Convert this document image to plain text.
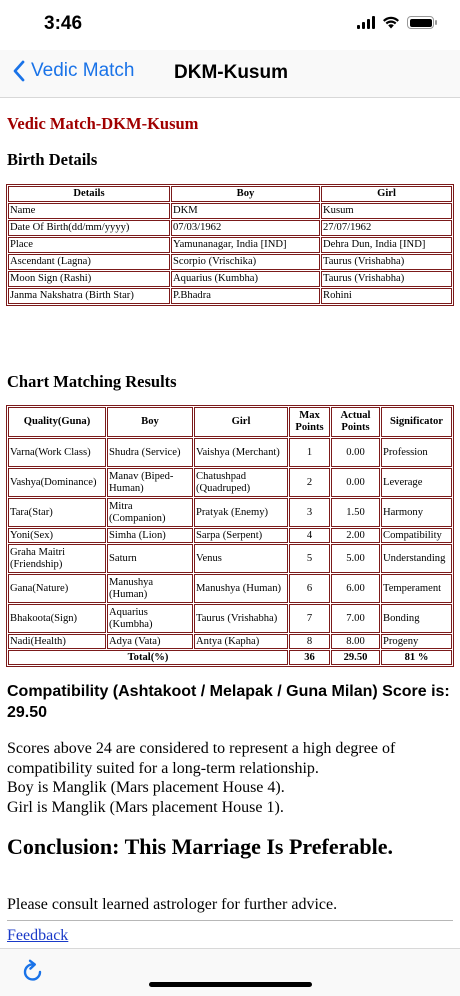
3:46
Vedic Match DKM-Kusum
Vedic Match-DKM-Kusum
Birth Details
Details	Boy	Girl
Name	DKM	Kusum
Date Of Birth(dd/mm/yyyy)	07/03/1962	27/07/1962
Place	Yamunanagar, India [IND]	Dehra Dun, India [IND]
Ascendant (Lagna)	Scorpio (Vrischika)	Taurus (Vrishabha)
Moon Sign (Rashi)	Aquarius (Kumbha)	Taurus (Vrishabha)
Janma Nakshatra (Birth Star)	P.Bhadra	Rohini
Chart Matching Results
Quality(Guna)	Boy	Girl	Max Points	Actual Points	Significator
Varna(Work Class)	Shudra (Service)	Vaishya (Merchant)	1	0.00	Profession
Vashya(Dominance)	Manav (Biped-Human)	Chatushpad (Quadruped)	2	0.00	Leverage
Tara(Star)	Mitra (Companion)	Pratyak (Enemy)	3	1.50	Harmony
Yoni(Sex)	Simha (Lion)	Sarpa (Serpent)	4	2.00	Compatibility
Graha Maitri (Friendship)	Saturn	Venus	5	5.00	Understanding
Gana(Nature)	Manushya (Human)	Manushya (Human)	6	6.00	Temperament
Bhakoota(Sign)	Aquarius (Kumbha)	Taurus (Vrishabha)	7	7.00	Bonding
Nadi(Health)	Adya (Vata)	Antya (Kapha)	8	8.00	Progeny
Total(%)			36	29.50	81 %
Compatibility (Ashtakoot / Melapak / Guna Milan) Score is: 29.50
Scores above 24 are considered to represent a high degree of compatibility suited for a long-term relationship.
Boy is Manglik (Mars placement House 4).
Girl is Manglik (Mars placement House 1).
Conclusion: This Marriage Is Preferable.
Please consult learned astrologer for further advice.
Feedback
